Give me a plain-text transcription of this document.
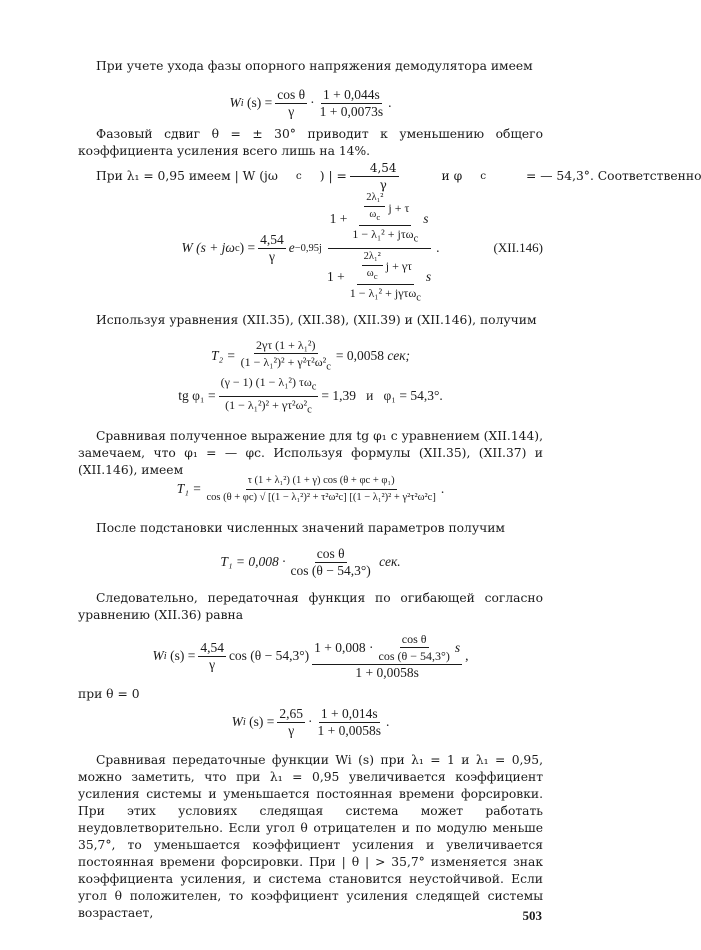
При учете ухода фазы опорного напряжения демодулятора имеем

W i
$(s) = \frac{\text{cos θ}}{\gamma} \cdot \frac{1 + 0,044s}{1 + 0,0073s}$ .

Фазовый сдвиг θ = ± 30° приводит к уменьшению общего коэффициента усиления всего лишь на 14%.

При λ₁ = 0,95 имеем | W (jω	c	) | = $\frac{4,54}{\gamma}$
	и φ	c
	= — 54,3°. Соответственно
W (s + jω c ) = $\frac{4,54}{\gamma}$ e −0,95j
$1 + \frac{\frac{\text{2λ₁²}}{\omega_c} j + \tau}{1 - \lambda_1^2 + j\tau\omega_c}$ s
$1 + \frac{\frac{\text{2λ₁²}}{\omega_c} j + \gamma\tau}{1 - \lambda_1^2 + j\gamma\tau\omega_c}$ s
.	(XII.146)

Используя уравнения (XII.35), (XII.38), (XII.39) и (XII.146), получим

$T_2 = \frac{\text{2γτ (1 + λ₁²)}}{(1 - \lambda_1^2)^2 + \gamma^2\tau^2\omega^2_c} = 0,0058$
сек;
tg $\varphi_1 = \frac{(\gamma - 1) (1 - \lambda_1^2) \tau\omega_c}{(1 - \lambda_1^2)^2 + \gamma\tau^2\omega^2_c} = 1,39$
и
φ₁ = 54,3°.

Сравнивая полученное выражение для tg φ₁ с уравнением (XII.144), замечаем, что φ₁ = — φc. Используя формулы (XII.35), (XII.37) и (XII.146), имеем

$T_1 = \frac{\text{τ (1 + λ₁²) (1 + γ) cos (θ + φc + φ₁)}}{\text{cos (θ + φc) √ [(1 − λ₁²)² + τ²ω²c] [(1 − λ₁²)² + γ²τ²ω²c]}}$ .

После подстановки численных значений параметров получим

$T_1 = 0,008 \cdot \frac{\text{cos θ}}{\cos (\theta - 54,3^\circ)}$
сек.

Следовательно, передаточная функция по огибающей согласно уравнению (XII.36) равна

W i
$(s) = \frac{4,54}{\gamma}$ $\cos (\theta - 54,3^\circ) \frac{1 + 0,008 \cdot \frac{\text{cos θ}}{\cos (\theta - 54,3^\circ)} s}{1 + 0,0058s}$ ,

при θ = 0

W i
$(s) = \frac{2,65}{\gamma} \cdot \frac{1 + 0,014s}{1 + 0,0058s}$ .

Сравнивая передаточные функции Wi (s) при λ₁ = 1 и λ₁ = 0,95, можно заметить, что при λ₁ = 0,95 увеличивается коэффициент усиления системы и уменьшается постоянная времени форсировки. При этих условиях следящая система может работать неудовлетворительно. Если угол θ отрицателен и по модулю меньше 35,7°, то уменьшается коэффициент усиления и увеличивается постоянная времени форсировки. При | θ | > 35,7° изменяется знак коэффициента усиления, и система становится неустойчивой. Если угол θ положителен, то коэффициент усиления следящей системы возрастает,	503
